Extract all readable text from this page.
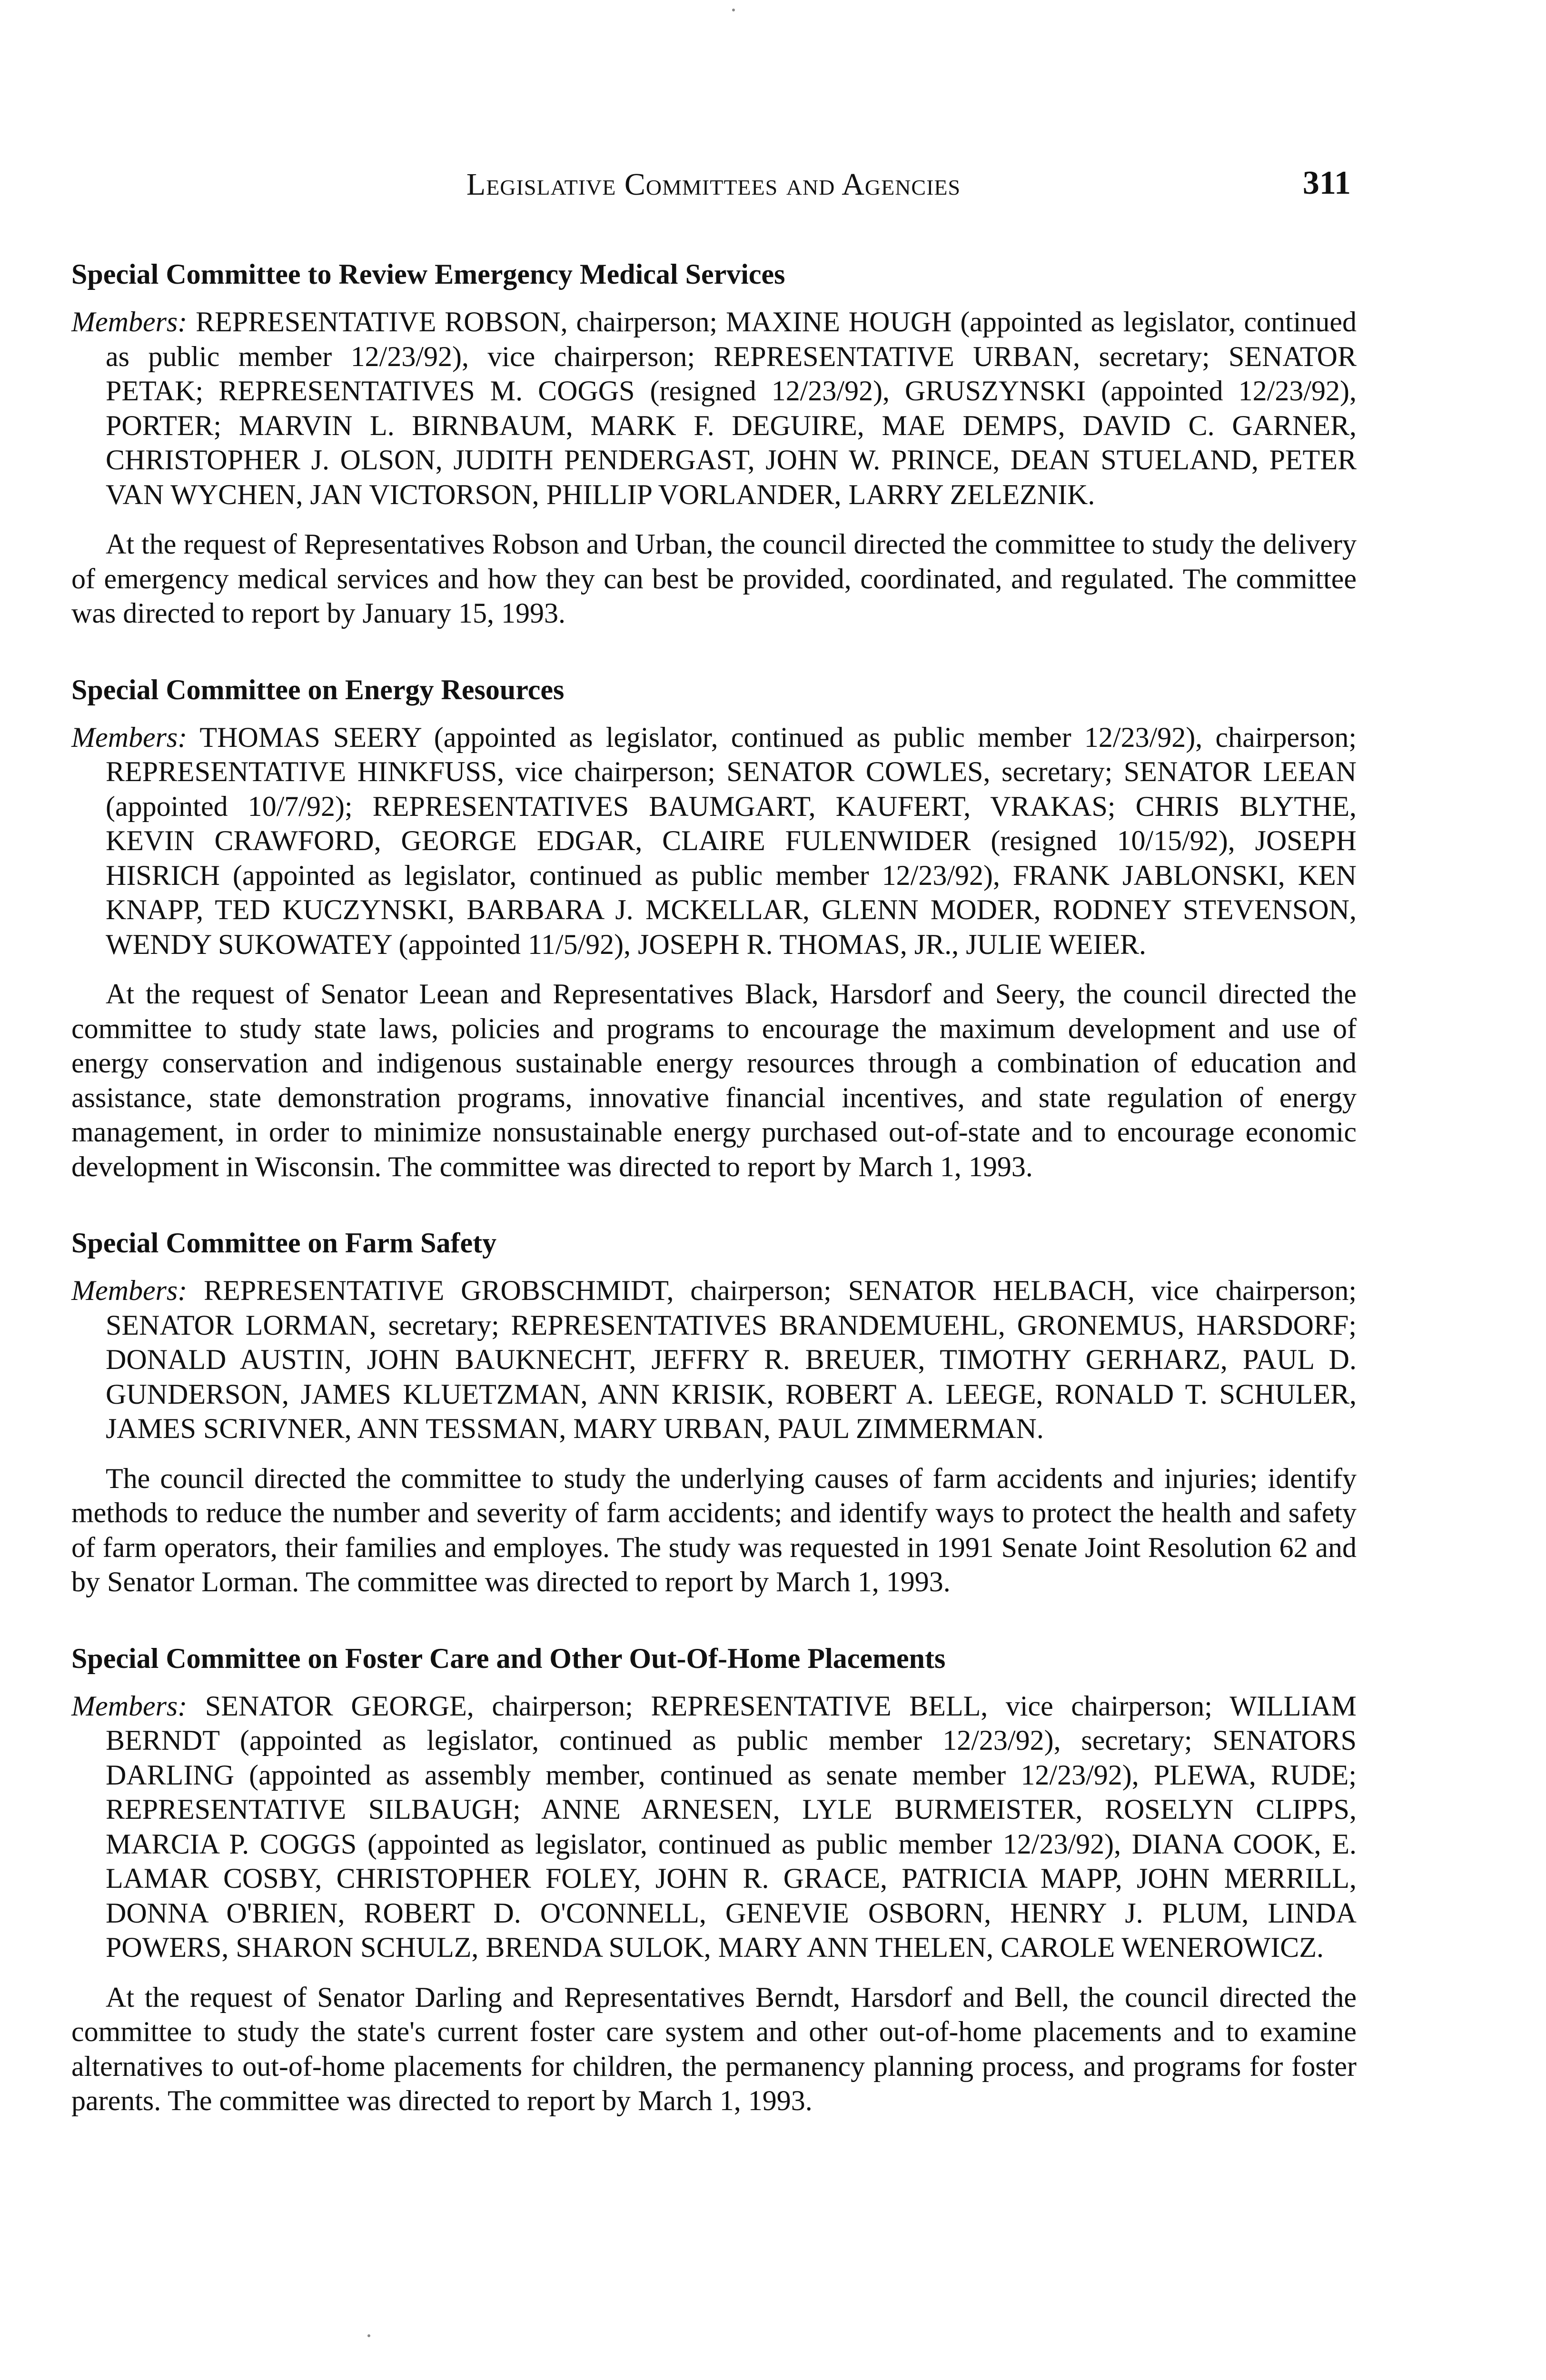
Legislative Committees and Agencies	311
Special Committee to Review Emergency Medical Services

Members: REPRESENTATIVE ROBSON, chairperson; MAXINE HOUGH (appointed as legislator, continued as public member 12/23/92), vice chairperson; REPRESENTATIVE URBAN, secretary; SENATOR PETAK; REPRESENTATIVES M. COGGS (resigned 12/23/92), GRUSZYNSKI (appointed 12/23/92), PORTER; MARVIN L. BIRNBAUM, MARK F. DEGUIRE, MAE DEMPS, DAVID C. GARNER, CHRISTOPHER J. OLSON, JUDITH PENDERGAST, JOHN W. PRINCE, DEAN STUELAND, PETER VAN WYCHEN, JAN VICTORSON, PHILLIP VORLANDER, LARRY ZELEZNIK.

At the request of Representatives Robson and Urban, the council directed the committee to study the delivery of emergency medical services and how they can best be provided, coordinated, and regulated. The committee was directed to report by January 15, 1993.

Special Committee on Energy Resources

Members: THOMAS SEERY (appointed as legislator, continued as public member 12/23/92), chairperson; REPRESENTATIVE HINKFUSS, vice chairperson; SENATOR COWLES, secretary; SENATOR LEEAN (appointed 10/7/92); REPRESENTATIVES BAUMGART, KAUFERT, VRAKAS; CHRIS BLYTHE, KEVIN CRAWFORD, GEORGE EDGAR, CLAIRE FULENWIDER (resigned 10/15/92), JOSEPH HISRICH (appointed as legislator, continued as public member 12/23/92), FRANK JABLONSKI, KEN KNAPP, TED KUCZYNSKI, BARBARA J. MCKELLAR, GLENN MODER, RODNEY STEVENSON, WENDY SUKOWATEY (appointed 11/5/92), JOSEPH R. THOMAS, JR., JULIE WEIER.

At the request of Senator Leean and Representatives Black, Harsdorf and Seery, the council directed the committee to study state laws, policies and programs to encourage the maximum development and use of energy conservation and indigenous sustainable energy resources through a combination of education and assistance, state demonstration programs, innovative financial incentives, and state regulation of energy management, in order to minimize nonsustainable energy purchased out-of-state and to encourage economic development in Wisconsin. The committee was directed to report by March 1, 1993.

Special Committee on Farm Safety

Members: REPRESENTATIVE GROBSCHMIDT, chairperson; SENATOR HELBACH, vice chairperson; SENATOR LORMAN, secretary; REPRESENTATIVES BRANDEMUEHL, GRONEMUS, HARSDORF; DONALD AUSTIN, JOHN BAUKNECHT, JEFFRY R. BREUER, TIMOTHY GERHARZ, PAUL D. GUNDERSON, JAMES KLUETZMAN, ANN KRISIK, ROBERT A. LEEGE, RONALD T. SCHULER, JAMES SCRIVNER, ANN TESSMAN, MARY URBAN, PAUL ZIMMERMAN.

The council directed the committee to study the underlying causes of farm accidents and injuries; identify methods to reduce the number and severity of farm accidents; and identify ways to protect the health and safety of farm operators, their families and employes. The study was requested in 1991 Senate Joint Resolution 62 and by Senator Lorman. The committee was directed to report by March 1, 1993.

Special Committee on Foster Care and Other Out-Of-Home Placements

Members: SENATOR GEORGE, chairperson; REPRESENTATIVE BELL, vice chairperson; WILLIAM BERNDT (appointed as legislator, continued as public member 12/23/92), secretary; SENATORS DARLING (appointed as assembly member, continued as senate member 12/23/92), PLEWA, RUDE; REPRESENTATIVE SILBAUGH; ANNE ARNESEN, LYLE BURMEISTER, ROSELYN CLIPPS, MARCIA P. COGGS (appointed as legislator, continued as public member 12/23/92), DIANA COOK, E. LAMAR COSBY, CHRISTOPHER FOLEY, JOHN R. GRACE, PATRICIA MAPP, JOHN MERRILL, DONNA O'BRIEN, ROBERT D. O'CONNELL, GENEVIE OSBORN, HENRY J. PLUM, LINDA POWERS, SHARON SCHULZ, BRENDA SULOK, MARY ANN THELEN, CAROLE WENEROWICZ.

At the request of Senator Darling and Representatives Berndt, Harsdorf and Bell, the council directed the committee to study the state's current foster care system and other out-of-home placements and to examine alternatives to out-of-home placements for children, the permanency planning process, and programs for foster parents. The committee was directed to report by March 1, 1993.
